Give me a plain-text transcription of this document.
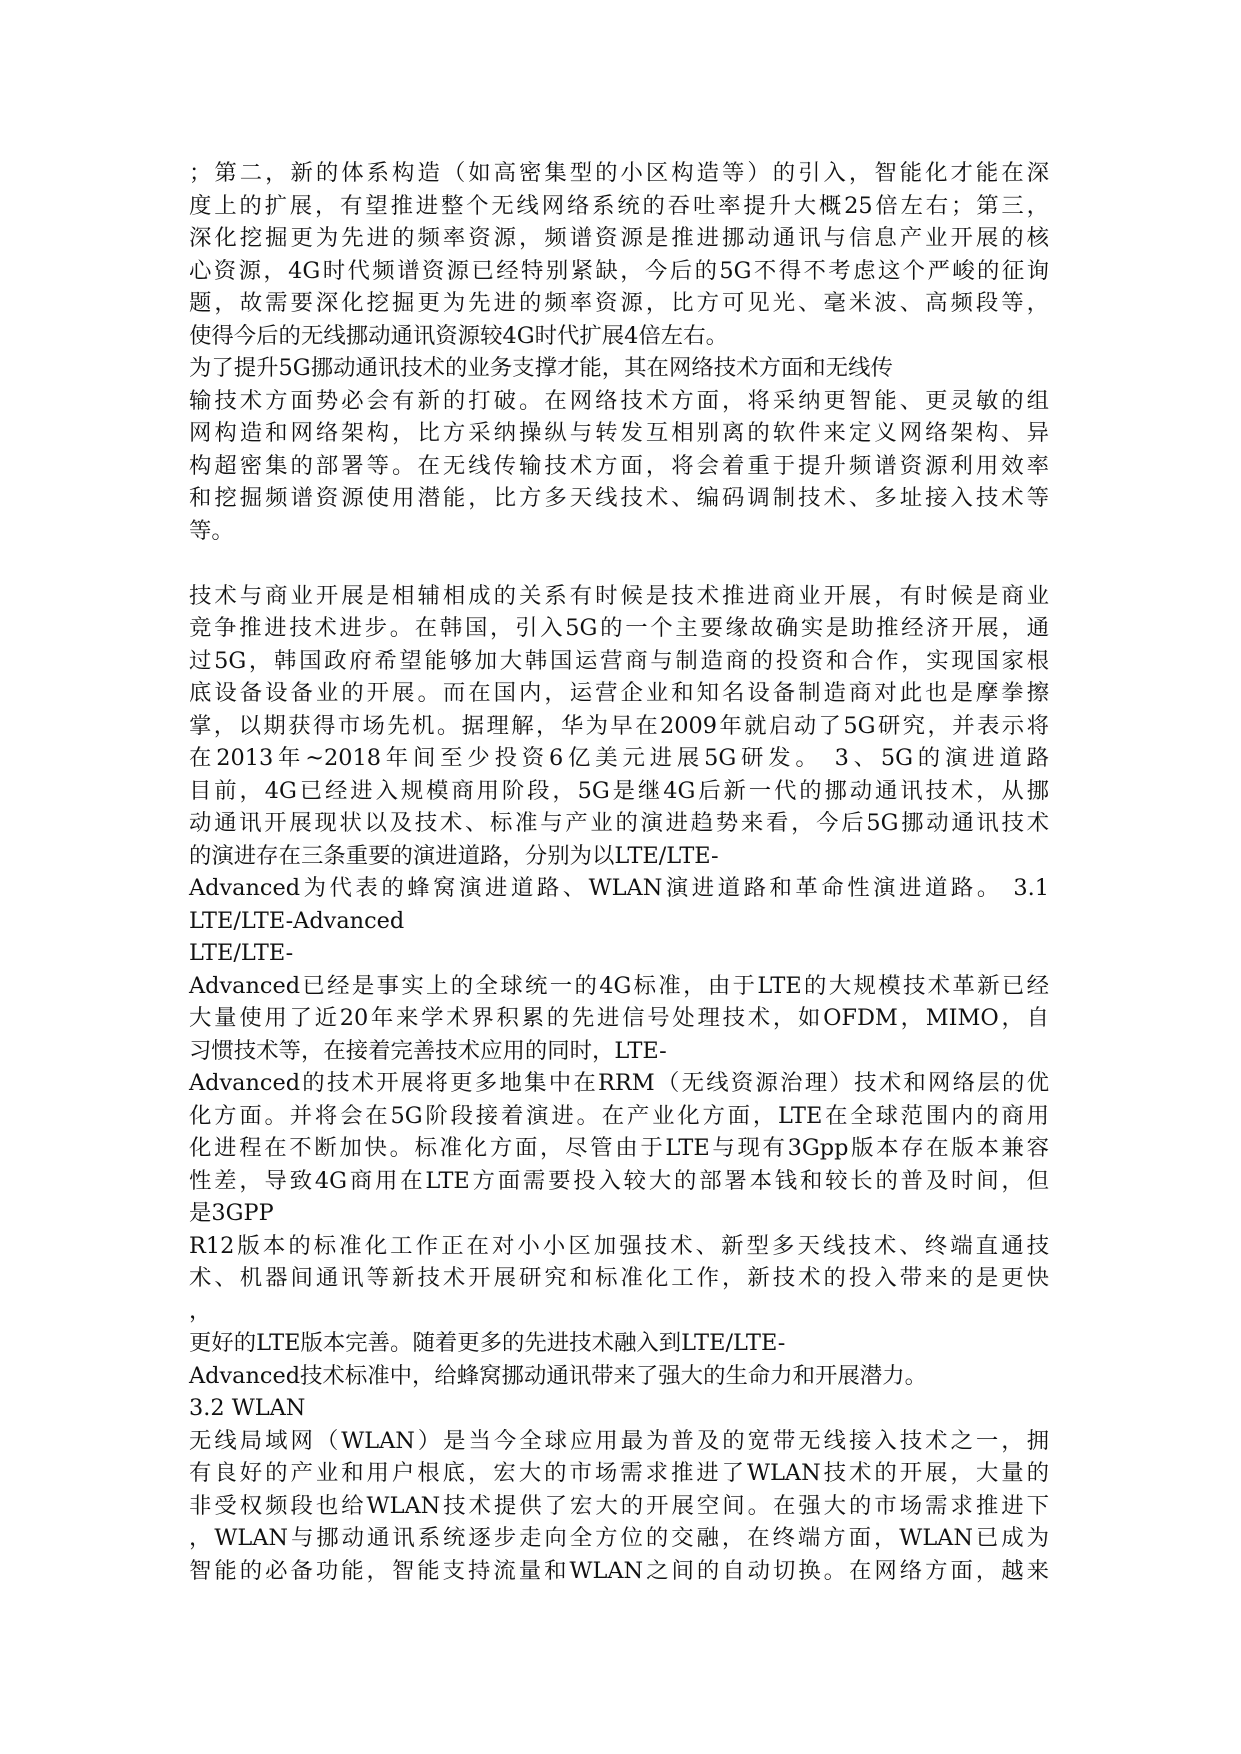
；第二，新的体系构造（如高密集型的小区构造等）的引入，智能化才能在深
度上的扩展，有望推进整个无线网络系统的吞吐率提升大概25倍左右；第三，
深化挖掘更为先进的频率资源，频谱资源是推进挪动通讯与信息产业开展的核
心资源，4G时代频谱资源已经特别紧缺，今后的5G不得不考虑这个严峻的征询
题，故需要深化挖掘更为先进的频率资源，比方可见光、毫米波、高频段等，
使得今后的无线挪动通讯资源较4G时代扩展4倍左右。
为了提升5G挪动通讯技术的业务支撑才能，其在网络技术方面和无线传
输技术方面势必会有新的打破。在网络技术方面，将采纳更智能、更灵敏的组
网构造和网络架构，比方采纳操纵与转发互相别离的软件来定义网络架构、异
构超密集的部署等。在无线传输技术方面，将会着重于提升频谱资源利用效率
和挖掘频谱资源使用潜能，比方多天线技术、编码调制技术、多址接入技术等
等。
技术与商业开展是相辅相成的关系有时候是技术推进商业开展，有时候是商业
竞争推进技术进步。在韩国，引入5G的一个主要缘故确实是助推经济开展，通
过5G，韩国政府希望能够加大韩国运营商与制造商的投资和合作，实现国家根
底设备设备业的开展。而在国内，运营企业和知名设备制造商对此也是摩拳擦
掌，以期获得市场先机。据理解，华为早在2009年就启动了5G研究，并表示将
在2013年~2018年间至少投资6亿美元进展5G研发。 3、5G的演进道路
目前，4G已经进入规模商用阶段，5G是继4G后新一代的挪动通讯技术，从挪
动通讯开展现状以及技术、标准与产业的演进趋势来看，今后5G挪动通讯技术
的演进存在三条重要的演进道路，分别为以LTE/LTE-
Advanced为代表的蜂窝演进道路、WLAN演进道路和革命性演进道路。 3.1
LTE/LTE-Advanced
LTE/LTE-
Advanced已经是事实上的全球统一的4G标准，由于LTE的大规模技术革新已经
大量使用了近20年来学术界积累的先进信号处理技术，如OFDM，MIMO，自
习惯技术等，在接着完善技术应用的同时，LTE-
Advanced的技术开展将更多地集中在RRM（无线资源治理）技术和网络层的优
化方面。并将会在5G阶段接着演进。在产业化方面，LTE在全球范围内的商用
化进程在不断加快。标准化方面，尽管由于LTE与现有3Gpp版本存在版本兼容
性差，导致4G商用在LTE方面需要投入较大的部署本钱和较长的普及时间，但
是3GPP
R12版本的标准化工作正在对小小区加强技术、新型多天线技术、终端直通技
术、机器间通讯等新技术开展研究和标准化工作，新技术的投入带来的是更快
，
更好的LTE版本完善。随着更多的先进技术融入到LTE/LTE-
Advanced技术标准中，给蜂窝挪动通讯带来了强大的生命力和开展潜力。
3.2 WLAN
无线局域网（WLAN）是当今全球应用最为普及的宽带无线接入技术之一，拥
有良好的产业和用户根底，宏大的市场需求推进了WLAN技术的开展，大量的
非受权频段也给WLAN技术提供了宏大的开展空间。在强大的市场需求推进下
，WLAN与挪动通讯系统逐步走向全方位的交融，在终端方面，WLAN已成为
智能的必备功能，智能支持流量和WLAN之间的自动切换。在网络方面，越来
